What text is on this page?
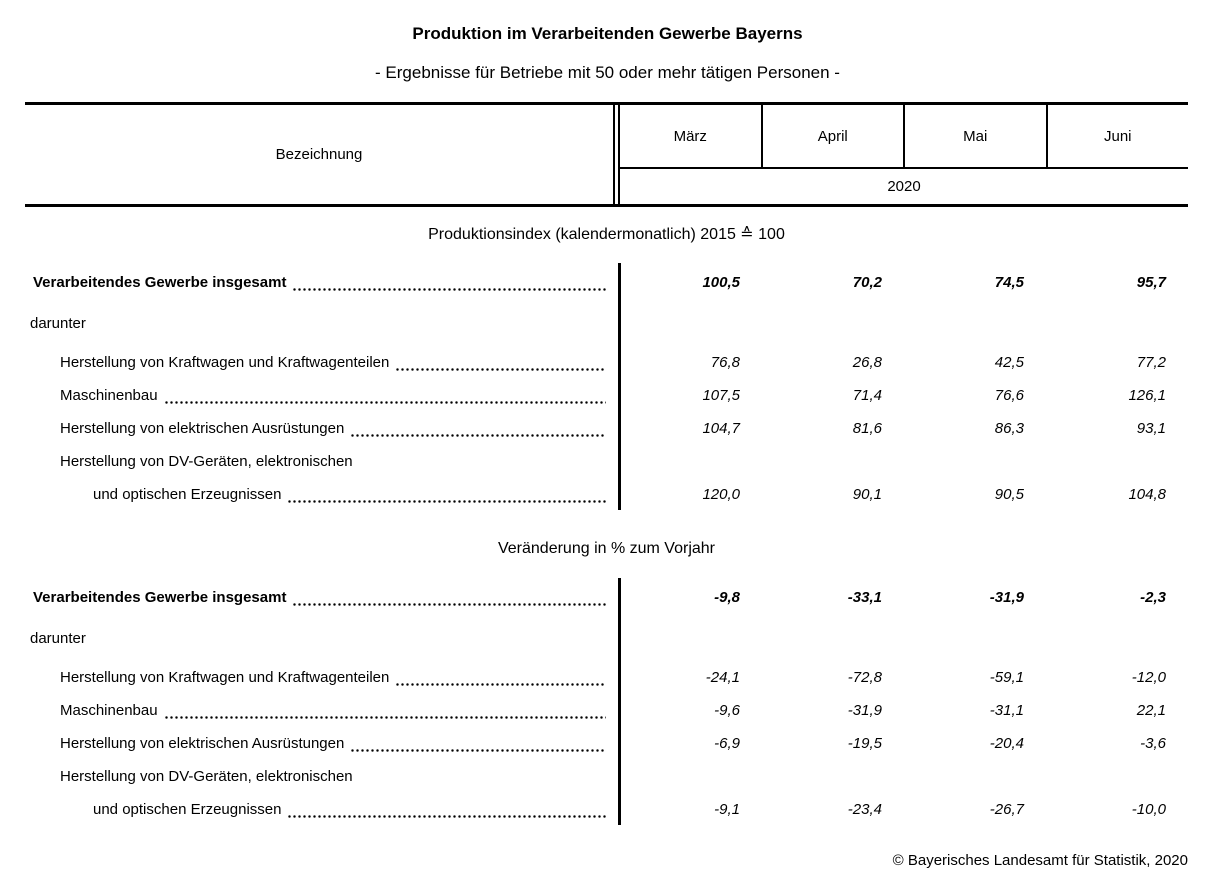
Produktion im Verarbeitenden Gewerbe Bayerns
- Ergebnisse für Betriebe mit 50 oder mehr tätigen Personen -
Bezeichnung
März	April	Mai	Juni
2020
Produktionsindex (kalendermonatlich) 2015 ≙ 100
Verarbeitendes Gewerbe insgesamt	100,5	70,2	74,5	95,7
darunter
Herstellung von Kraftwagen und Kraftwagenteilen	76,8	26,8	42,5	77,2
Maschinenbau	107,5	71,4	76,6	126,1
Herstellung von elektrischen Ausrüstungen	104,7	81,6	86,3	93,1
Herstellung von DV-Geräten, elektronischen
und optischen Erzeugnissen	120,0	90,1	90,5	104,8
Veränderung in % zum Vorjahr
Verarbeitendes Gewerbe insgesamt	-9,8	-33,1	-31,9	-2,3
darunter
Herstellung von Kraftwagen und Kraftwagenteilen	-24,1	-72,8	-59,1	-12,0
Maschinenbau	-9,6	-31,9	-31,1	22,1
Herstellung von elektrischen Ausrüstungen	-6,9	-19,5	-20,4	-3,6
Herstellung von DV-Geräten, elektronischen
und optischen Erzeugnissen	-9,1	-23,4	-26,7	-10,0
© Bayerisches Landesamt für Statistik, 2020
